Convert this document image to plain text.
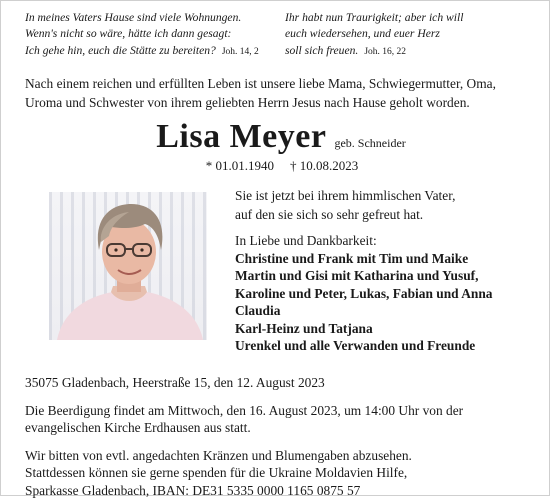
In meines Vaters Hause sind viele Wohnungen.
Wenn's nicht so wäre, hätte ich dann gesagt:
Ich gehe hin, euch die Stätte zu bereiten? Joh. 14, 2
Ihr habt nun Traurigkeit; aber ich will
euch wiedersehen, und euer Herz
soll sich freuen. Joh. 16, 22
Nach einem reichen und erfüllten Leben ist unsere liebe Mama, Schwiegermutter, Oma,
Uroma und Schwester von ihrem geliebten Herrn Jesus nach Hause geholt worden.
Lisa Meyer geb. Schneider
* 01.01.1940 † 10.08.2023
Sie ist jetzt bei ihrem himmlischen Vater,
auf den sie sich so sehr gefreut hat.
In Liebe und Dankbarkeit:
Christine und Frank mit Tim und Maike
Martin und Gisi mit Katharina und Yusuf,
Karoline und Peter, Lukas, Fabian und Anna
Claudia
Karl-Heinz und Tatjana
Urenkel und alle Verwanden und Freunde
35075 Gladenbach, Heerstraße 15, den 12. August 2023
Die Beerdigung findet am Mittwoch, den 16. August 2023, um 14:00 Uhr von der
evangelischen Kirche Erdhausen aus statt.
Wir bitten von evtl. angedachten Kränzen und Blumengaben abzusehen.
Stattdessen können sie gerne spenden für die Ukraine Moldavien Hilfe,
Sparkasse Gladenbach, IBAN: DE31 5335 0000 1165 0875 57
